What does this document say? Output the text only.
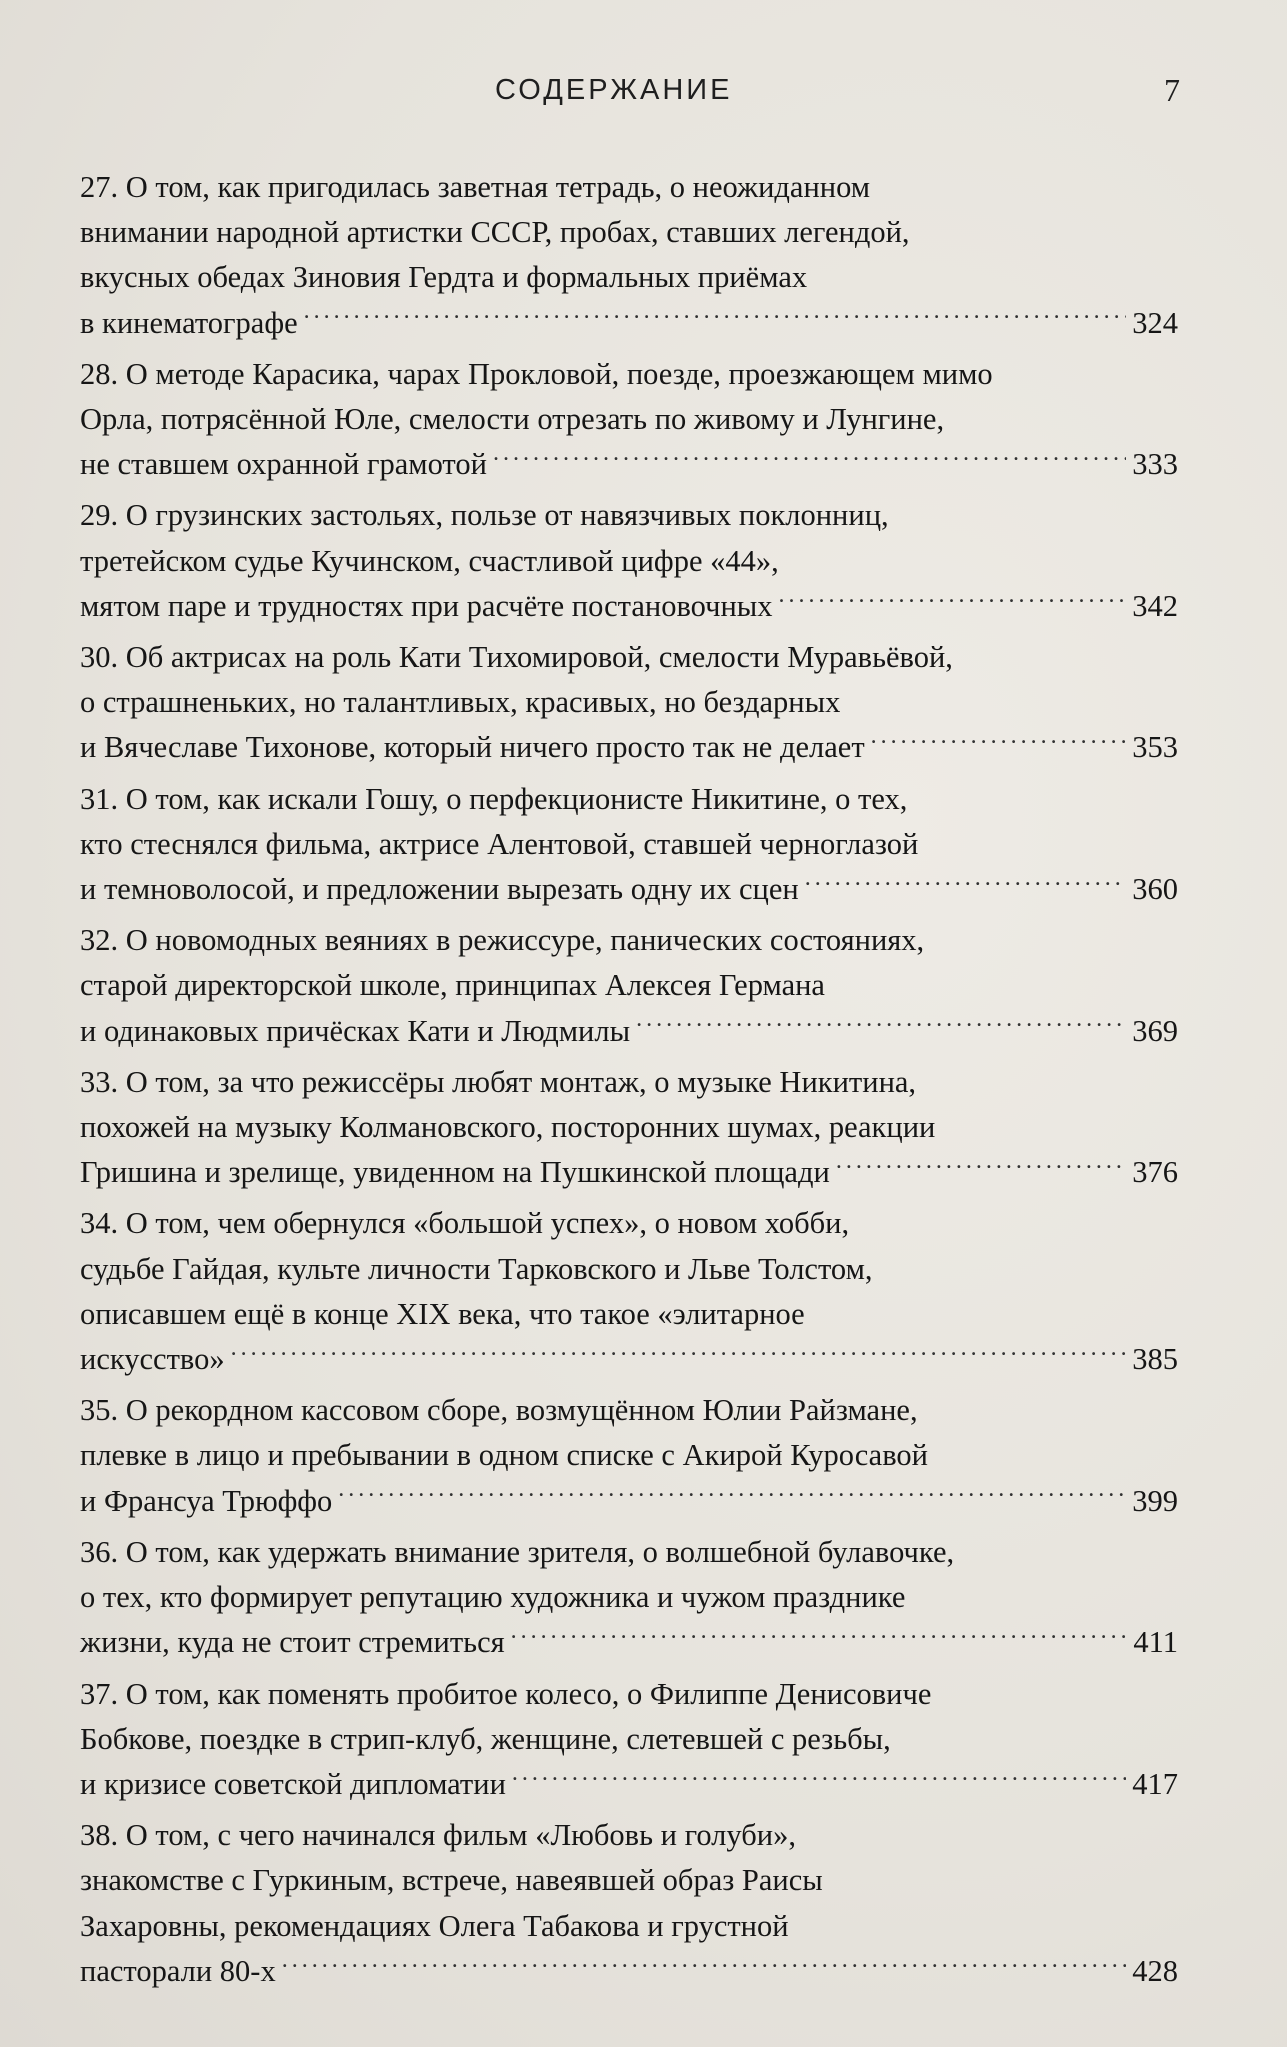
СОДЕРЖАНИЕ	7
27. О том, как пригодилась заветная тетрадь, о неожиданном
внимании народной артистки СССР, пробах, ставших легендой,
вкусных обедах Зиновия Гердта и формальных приёмах
в кинематографе . . .	324
28. О методе Карасика, чарах Прокловой, поезде, проезжающем мимо
Орла, потрясённой Юле, смелости отрезать по живому и Лунгине,
не ставшем охранной грамотой . . .	333
29. О грузинских застольях, пользе от навязчивых поклонниц,
третейском судье Кучинском, счастливой цифре «44»,
мятом паре и трудностях при расчёте постановочных . . .	342
30. Об актрисах на роль Кати Тихомировой, смелости Муравьёвой,
о страшненьких, но талантливых, красивых, но бездарных
и Вячеславе Тихонове, который ничего просто так не делает . . .	353
31. О том, как искали Гошу, о перфекционисте Никитине, о тех,
кто стеснялся фильма, актрисе Алентовой, ставшей черноглазой
и темноволосой, и предложении вырезать одну их сцен . . .	360
32. О новомодных веяниях в режиссуре, панических состояниях,
старой директорской школе, принципах Алексея Германа
и одинаковых причёсках Кати и Людмилы . . .	369
33. О том, за что режиссёры любят монтаж, о музыке Никитина,
похожей на музыку Колмановского, посторонних шумах, реакции
Гришина и зрелище, увиденном на Пушкинской площади . . .	376
34. О том, чем обернулся «большой успех», о новом хобби,
судьбе Гайдая, культе личности Тарковского и Льве Толстом,
описавшем ещё в конце XIX века, что такое «элитарное
искусство» . . .	385
35. О рекордном кассовом сборе, возмущённом Юлии Райзмане,
плевке в лицо и пребывании в одном списке с Акирой Куросавой
и Франсуа Трюффо . . .	399
36. О том, как удержать внимание зрителя, о волшебной булавочке,
о тех, кто формирует репутацию художника и чужом празднике
жизни, куда не стоит стремиться . . .	411
37. О том, как поменять пробитое колесо, о Филиппе Денисовиче
Бобкове, поездке в стрип-клуб, женщине, слетевшей с резьбы,
и кризисе советской дипломатии . . .	417
38. О том, с чего начинался фильм «Любовь и голуби»,
знакомстве с Гуркиным, встрече, навеявшей образ Раисы
Захаровны, рекомендациях Олега Табакова и грустной
пасторали 80-х . . .	428
